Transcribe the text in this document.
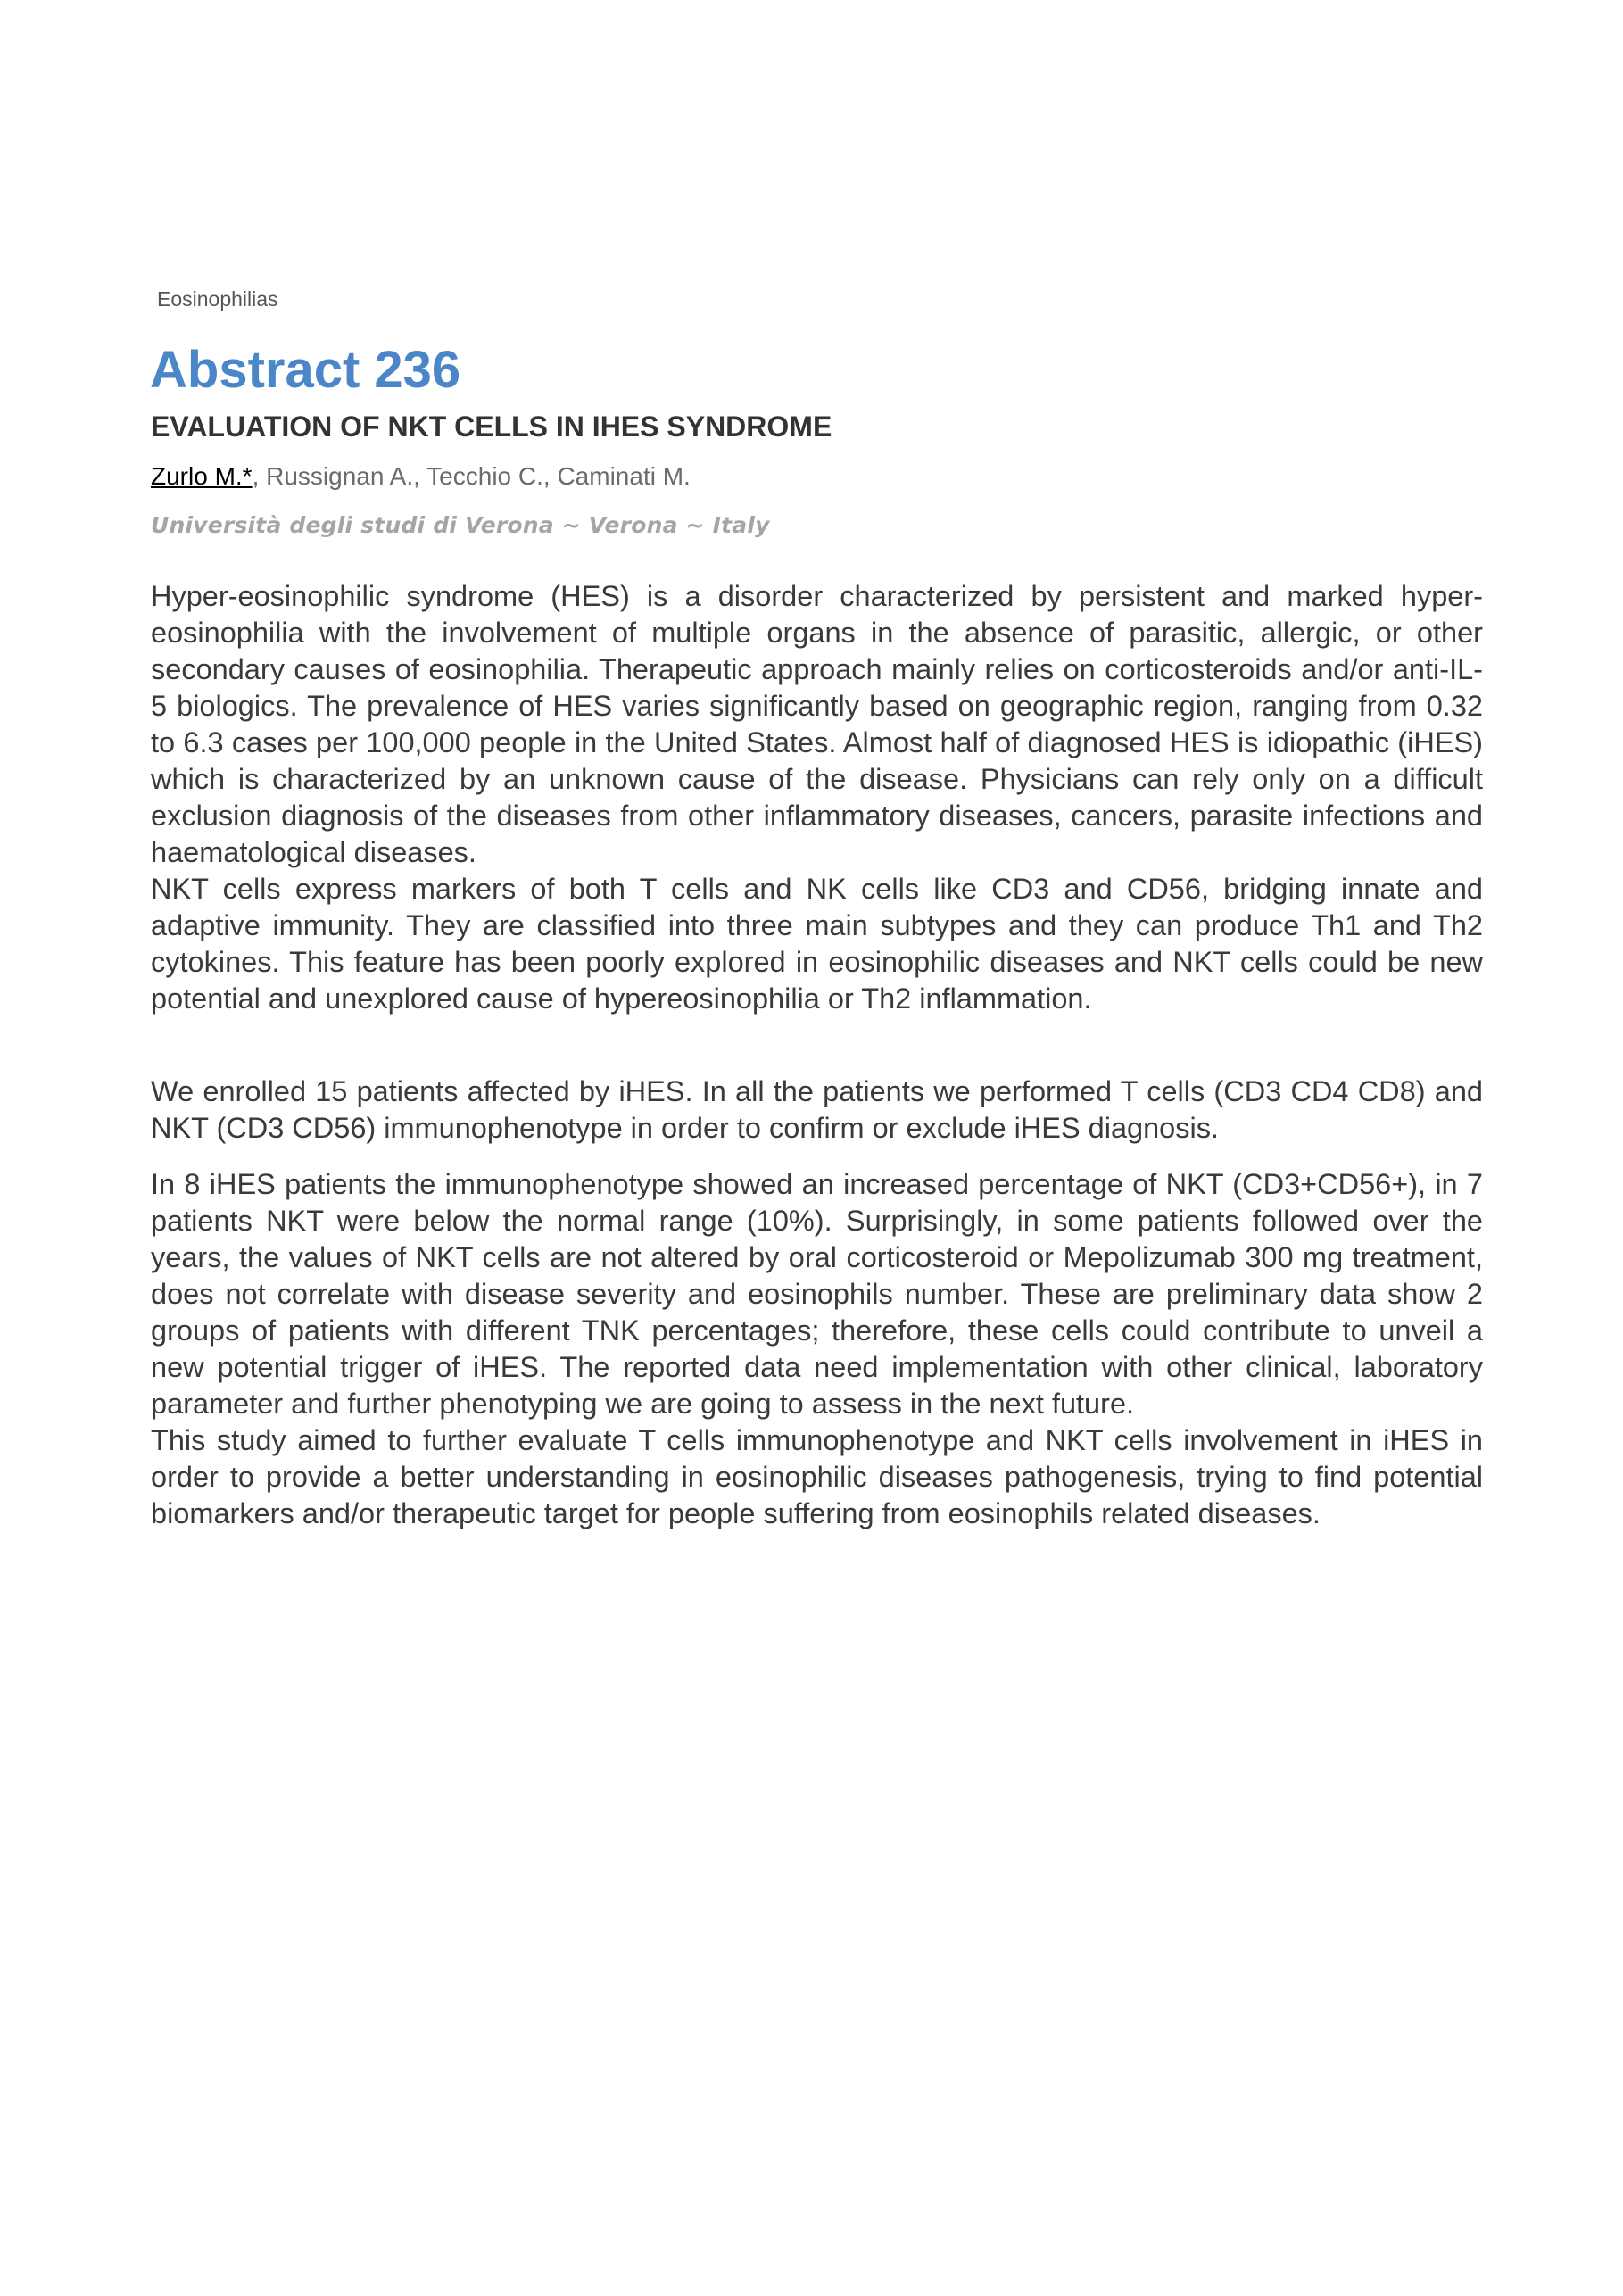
Eosinophilias
Abstract 236
EVALUATION OF NKT CELLS IN IHES SYNDROME
Zurlo M.*, Russignan A., Tecchio C., Caminati M.
Università degli studi di Verona ~ Verona ~ Italy

Hyper-eosinophilic syndrome (HES) is a disorder characterized by persistent and marked hyper-eosinophilia with the involvement of multiple organs in the absence of parasitic, allergic, or other secondary causes of eosinophilia. Therapeutic approach mainly relies on corticosteroids and/or anti-IL-5 biologics. The prevalence of HES varies significantly based on geographic region, ranging from 0.32 to 6.3 cases per 100,000 people in the United States. Almost half of diagnosed HES is idiopathic (iHES) which is characterized by an unknown cause of the disease. Physicians can rely only on a difficult exclusion diagnosis of the diseases from other inflammatory diseases, cancers, parasite infections and haematological diseases.

NKT cells express markers of both T cells and NK cells like CD3 and CD56, bridging innate and adaptive immunity. They are classified into three main subtypes and they can produce Th1 and Th2 cytokines. This feature has been poorly explored in eosinophilic diseases and NKT cells could be new potential and unexplored cause of hypereosinophilia or Th2 inflammation.

We enrolled 15 patients affected by iHES. In all the patients we performed T cells (CD3 CD4 CD8) and NKT (CD3 CD56) immunophenotype in order to confirm or exclude iHES diagnosis.

In 8 iHES patients the immunophenotype showed an increased percentage of NKT (CD3+CD56+), in 7 patients NKT were below the normal range (10%). Surprisingly, in some patients followed over the years, the values of NKT cells are not altered by oral corticosteroid or Mepolizumab 300 mg treatment, does not correlate with disease severity and eosinophils number. These are preliminary data show 2 groups of patients with different TNK percentages; therefore, these cells could contribute to unveil a new potential trigger of iHES. The reported data need implementation with other clinical, laboratory parameter and further phenotyping we are going to assess in the next future.

This study aimed to further evaluate T cells immunophenotype and NKT cells involvement in iHES in order to provide a better understanding in eosinophilic diseases pathogenesis, trying to find potential biomarkers and/or therapeutic target for people suffering from eosinophils related diseases.
